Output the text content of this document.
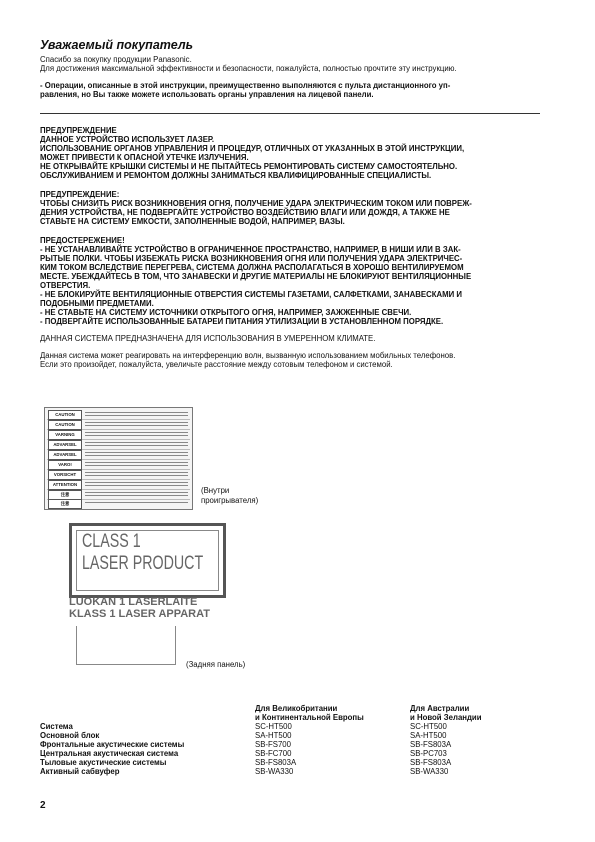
Уважаемый покупатель

Спасибо за покупку продукции Panasonic.

Для достижения максимальной эффективности и безопасности, пожалуйста, полностью прочтите эту инструкцию.

- Операции, описанные в этой инструкции, преимущественно выполняются с пульта дистанционного уп-

равления, но Вы также можете использовать органы управления на лицевой панели.

ПРЕДУПРЕЖДЕНИЕ

ДАННОЕ УСТРОЙСТВО ИСПОЛЬЗУЕТ ЛАЗЕР.

ИСПОЛЬЗОВАНИЕ ОРГАНОВ УПРАВЛЕНИЯ И ПРОЦЕДУР, ОТЛИЧНЫХ ОТ УКАЗАННЫХ В ЭТОЙ ИНСТРУКЦИИ,

МОЖЕТ ПРИВЕСТИ К ОПАСНОЙ УТЕЧКЕ ИЗЛУЧЕНИЯ.

НЕ ОТКРЫВАЙТЕ КРЫШКИ СИСТЕМЫ И НЕ ПЫТАЙТЕСЬ РЕМОНТИРОВАТЬ СИСТЕМУ САМОСТОЯТЕЛЬНО.

ОБСЛУЖИВАНИЕМ И РЕМОНТОМ ДОЛЖНЫ ЗАНИМАТЬСЯ КВАЛИФИЦИРОВАННЫЕ СПЕЦИАЛИСТЫ.

ПРЕДУПРЕЖДЕНИЕ:

ЧТОБЫ СНИЗИТЬ РИСК ВОЗНИКНОВЕНИЯ ОГНЯ, ПОЛУЧЕНИЕ УДАРА ЭЛЕКТРИЧЕСКИМ ТОКОМ ИЛИ ПОВРЕЖ-

ДЕНИЯ УСТРОЙСТВА, НЕ ПОДВЕРГАЙТЕ УСТРОЙСТВО ВОЗДЕЙСТВИЮ ВЛАГИ ИЛИ ДОЖДЯ, А ТАКЖЕ НЕ

СТАВЬТЕ НА СИСТЕМУ ЕМКОСТИ, ЗАПОЛНЕННЫЕ ВОДОЙ, НАПРИМЕР, ВАЗЫ.

ПРЕДОСТЕРЕЖЕНИЕ!

- НЕ УСТАНАВЛИВАЙТЕ УСТРОЙСТВО В ОГРАНИЧЕННОЕ ПРОСТРАНСТВО, НАПРИМЕР, В НИШИ ИЛИ В ЗАК-

РЫТЫЕ ПОЛКИ. ЧТОБЫ ИЗБЕЖАТЬ РИСКА ВОЗНИКНОВЕНИЯ ОГНЯ ИЛИ ПОЛУЧЕНИЯ УДАРА ЭЛЕКТРИЧЕС-

КИМ ТОКОМ ВСЛЕДСТВИЕ ПЕРЕГРЕВА, СИСТЕМА ДОЛЖНА РАСПОЛАГАТЬСЯ В ХОРОШО ВЕНТИЛИРУЕМОМ

МЕСТЕ. УБЕЖДАЙТЕСЬ В ТОМ, ЧТО ЗАНАВЕСКИ И ДРУГИЕ МАТЕРИАЛЫ НЕ БЛОКИРУЮТ ВЕНТИЛЯЦИОННЫЕ

ОТВЕРСТИЯ.

- НЕ БЛОКИРУЙТЕ ВЕНТИЛЯЦИОННЫЕ ОТВЕРСТИЯ СИСТЕМЫ ГАЗЕТАМИ, САЛФЕТКАМИ, ЗАНАВЕСКАМИ И

ПОДОБНЫМИ ПРЕДМЕТАМИ.

- НЕ СТАВЬТЕ НА СИСТЕМУ ИСТОЧНИКИ ОТКРЫТОГО ОГНЯ, НАПРИМЕР, ЗАЖЖЕННЫЕ СВЕЧИ.

- ПОДВЕРГАЙТЕ ИСПОЛЬЗОВАННЫЕ БАТАРЕИ ПИТАНИЯ УТИЛИЗАЦИИ В УСТАНОВЛЕННОМ ПОРЯДКЕ.

ДАННАЯ СИСТЕМА ПРЕДНАЗНАЧЕНА ДЛЯ ИСПОЛЬЗОВАНИЯ В УМЕРЕННОМ КЛИМАТЕ.

Данная система может реагировать на интерференцию волн, вызванную использованием мобильных телефонов.

Если это произойдет, пожалуйста, увеличьте расстояние между сотовым телефоном и системой.

CAUTION
CAUTION
VARNING
ADVARSEL
ADVARSEL
VARO!
VORSICHT
ATTENTION
注意
注意
(Внутри
проигрывателя)
CLASS 1
LASER PRODUCT
LUOKAN 1 LASERLAITE
KLASS 1 LASER APPARAT
(Задняя панель)
Для Великобритании
и Континентальной Европы
Для Австралии
и Новой Зеландии
Система	SC-HT500	SC-HT500
Основной блок	SA-HT500	SA-HT500
Фронтальные акустические системы	SB-FS700	SB-FS803A
Центральная акустическая система	SB-FC700	SB-PC703
Тыловые акустические системы	SB-FS803A	SB-FS803A
Активный сабвуфер	SB-WA330	SB-WA330
2
